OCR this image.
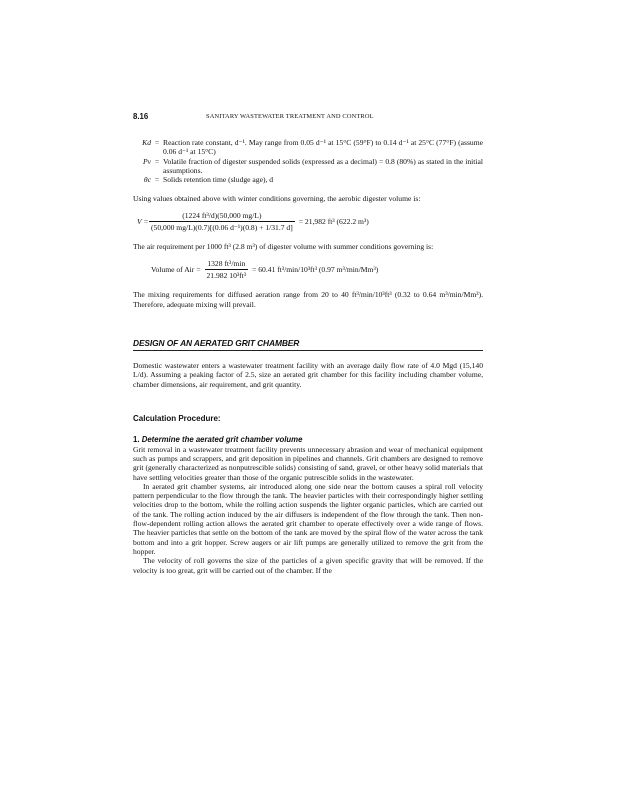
8.16	SANITARY WASTEWATER TREATMENT AND CONTROL
Kd = Reaction rate constant, d⁻¹. May range from 0.05 d⁻¹ at 15°C (59°F) to 0.14 d⁻¹ at 25°C (77°F) (assume 0.06 d⁻¹ at 15°C)
Pv = Volatile fraction of digester suspended solids (expressed as a decimal) = 0.8 (80%) as stated in the initial assumptions.
θc = Solids retention time (sludge age), d

Using values obtained above with winter conditions governing, the aerobic digester volume is:

$V = \frac{\text{(1224 ft³/d)(50,000 mg/L)}}{\text{(50,000 mg/L)(0.7)[(0.06 d⁻¹)(0.8) + 1/31.7 d]}} = 21,982$ ft³ (622.2 m³)

The air requirement per 1000 ft³ (2.8 m³) of digester volume with summer conditions governing is:

Volume of Air = $\frac{\text{1328 ft³/min}}{\text{21.982 10³ft³}} = 60.41$ ft³/min/10³ft³ (0.97 m³/min/Mm³)

The mixing requirements for diffused aeration range from 20 to 40 ft³/min/10³ft³ (0.32 to 0.64 m³/min/Mm³). Therefore, adequate mixing will prevail.

DESIGN OF AN AERATED GRIT CHAMBER

Domestic wastewater enters a wastewater treatment facility with an average daily flow rate of 4.0 Mgd (15,140 L/d). Assuming a peaking factor of 2.5, size an aerated grit chamber for this facility including chamber volume, chamber dimensions, air requirement, and grit quantity.

Calculation Procedure:
1. Determine the aerated grit chamber volume

Grit removal in a wastewater treatment facility prevents unnecessary abrasion and wear of mechanical equipment such as pumps and scrappers, and grit deposition in pipelines and channels. Grit chambers are designed to remove grit (generally characterized as nonputrescible solids) consisting of sand, gravel, or other heavy solid materials that have settling velocities greater than those of the organic putrescible solids in the wastewater.

In aerated grit chamber systems, air introduced along one side near the bottom causes a spiral roll velocity pattern perpendicular to the flow through the tank. The heavier particles with their correspondingly higher settling velocities drop to the bottom, while the rolling action suspends the lighter organic particles, which are carried out of the tank. The rolling action induced by the air diffusers is independent of the flow through the tank. Then non-flow-dependent rolling action allows the aerated grit chamber to operate effectively over a wide range of flows. The heavier particles that settle on the bottom of the tank are moved by the spiral flow of the water across the tank bottom and into a grit hopper. Screw augers or air lift pumps are generally utilized to remove the grit from the hopper.

The velocity of roll governs the size of the particles of a given specific gravity that will be removed. If the velocity is too great, grit will be carried out of the chamber. If the
